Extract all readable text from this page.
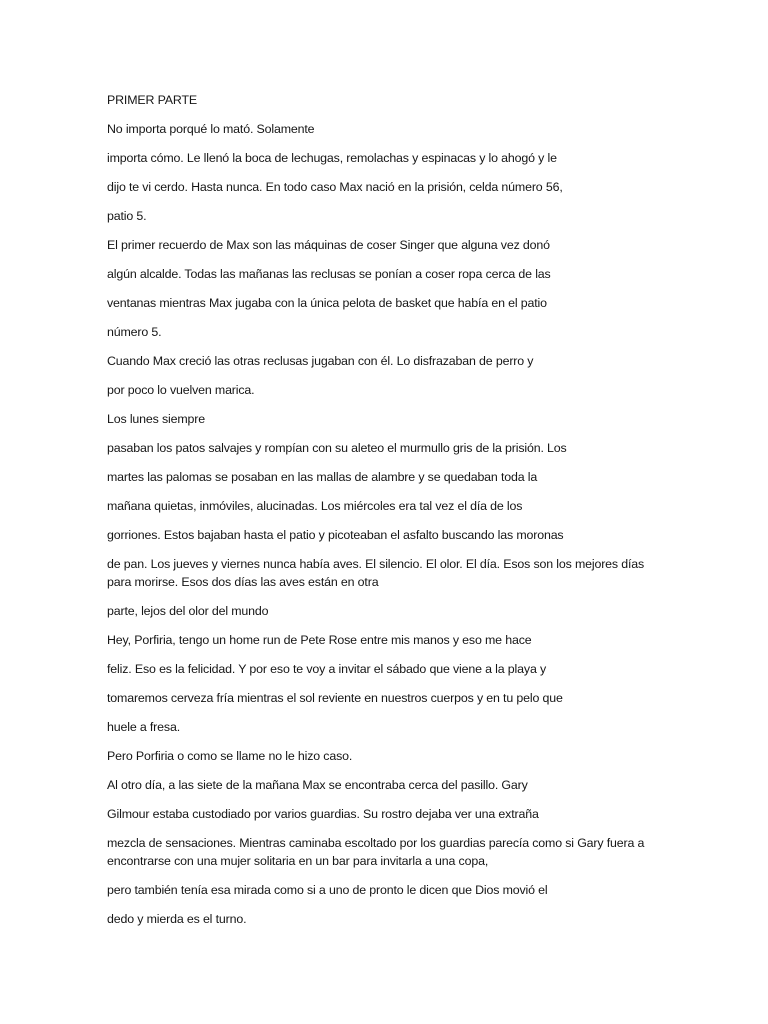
PRIMER PARTE
No importa porqué lo mató. Solamente
importa cómo. Le llenó la boca de lechugas, remolachas y espinacas y lo ahogó y le
dijo te vi cerdo. Hasta nunca. En todo caso Max nació en la prisión, celda número 56,
patio 5.
El primer recuerdo de Max son las máquinas de coser Singer que alguna vez donó
algún alcalde. Todas las mañanas las reclusas se ponían a coser ropa cerca de las
ventanas mientras Max jugaba con la única pelota de basket que había en el patio
número 5.
Cuando Max creció las otras reclusas jugaban con él. Lo disfrazaban de perro y
por poco lo vuelven marica.
Los lunes siempre
pasaban los patos salvajes y rompían con su aleteo el murmullo gris de la prisión. Los
martes las palomas se posaban en las mallas de alambre y se quedaban toda la
mañana quietas, inmóviles, alucinadas. Los miércoles era tal vez el día de los
gorriones. Estos bajaban hasta el patio y picoteaban el asfalto buscando las moronas
de pan. Los jueves y viernes nunca había aves. El silencio. El olor. El día. Esos son los mejores días
para morirse. Esos dos días las aves están en otra
parte, lejos del olor del mundo
Hey, Porfiria, tengo un home run de Pete Rose entre mis manos y eso me hace
feliz. Eso es la felicidad. Y por eso te voy a invitar el sábado que viene a la playa y
tomaremos cerveza fría mientras el sol reviente en nuestros cuerpos y en tu pelo que
huele a fresa.
Pero Porfiria o como se llame no le hizo caso.
Al otro día, a las siete de la mañana Max se encontraba cerca del pasillo. Gary
Gilmour estaba custodiado por varios guardias. Su rostro dejaba ver una extraña
mezcla de sensaciones. Mientras caminaba escoltado por los guardias parecía como si Gary fuera a
encontrarse con una mujer solitaria en un bar para invitarla a una copa,
pero también tenía esa mirada como si a uno de pronto le dicen que Dios movió el
dedo y mierda es el turno.
